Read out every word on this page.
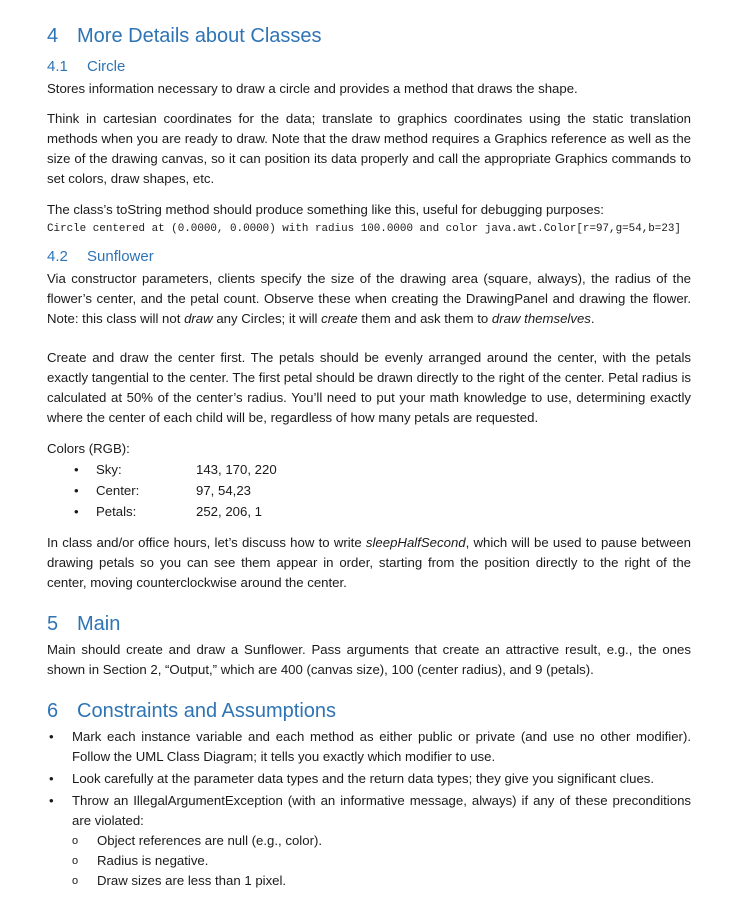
4 More Details about Classes
4.1 Circle

Stores information necessary to draw a circle and provides a method that draws the shape.

Think in cartesian coordinates for the data; translate to graphics coordinates using the static translation methods when you are ready to draw. Note that the draw method requires a Graphics reference as well as the size of the drawing canvas, so it can position its data properly and call the appropriate Graphics commands to set colors, draw shapes, etc.

The class’s toString method should produce something like this, useful for debugging purposes:

Circle centered at (0.0000, 0.0000) with radius 100.0000 and color java.awt.Color[r=97,g=54,b=23]

4.2 Sunflower

Via constructor parameters, clients specify the size of the drawing area (square, always), the radius of the flower’s center, and the petal count. Observe these when creating the DrawingPanel and drawing the flower. Note: this class will not draw any Circles; it will create them and ask them to draw themselves.

Create and draw the center first. The petals should be evenly arranged around the center, with the petals exactly tangential to the center. The first petal should be drawn directly to the right of the center. Petal radius is calculated at 50% of the center’s radius. You’ll need to put your math knowledge to use, determining exactly where the center of each child will be, regardless of how many petals are requested.

Colors (RGB):

• Sky:	143, 170, 220
• Center:	97, 54,23
• Petals:	252, 206, 1

In class and/or office hours, let’s discuss how to write sleepHalfSecond, which will be used to pause between drawing petals so you can see them appear in order, starting from the position directly to the right of the center, moving counterclockwise around the center.

5 Main

Main should create and draw a Sunflower. Pass arguments that create an attractive result, e.g., the ones shown in Section 2, “Output,” which are 400 (canvas size), 100 (center radius), and 9 (petals).

6 Constraints and Assumptions
• Mark each instance variable and each method as either public or private (and use no other modifier). Follow the UML Class Diagram; it tells you exactly which modifier to use.
• Look carefully at the parameter data types and the return data types; they give you significant clues.
• Throw an IllegalArgumentException (with an informative message, always) if any of these preconditions are violated:
o Object references are null (e.g., color).
o Radius is negative.
o Draw sizes are less than 1 pixel.
